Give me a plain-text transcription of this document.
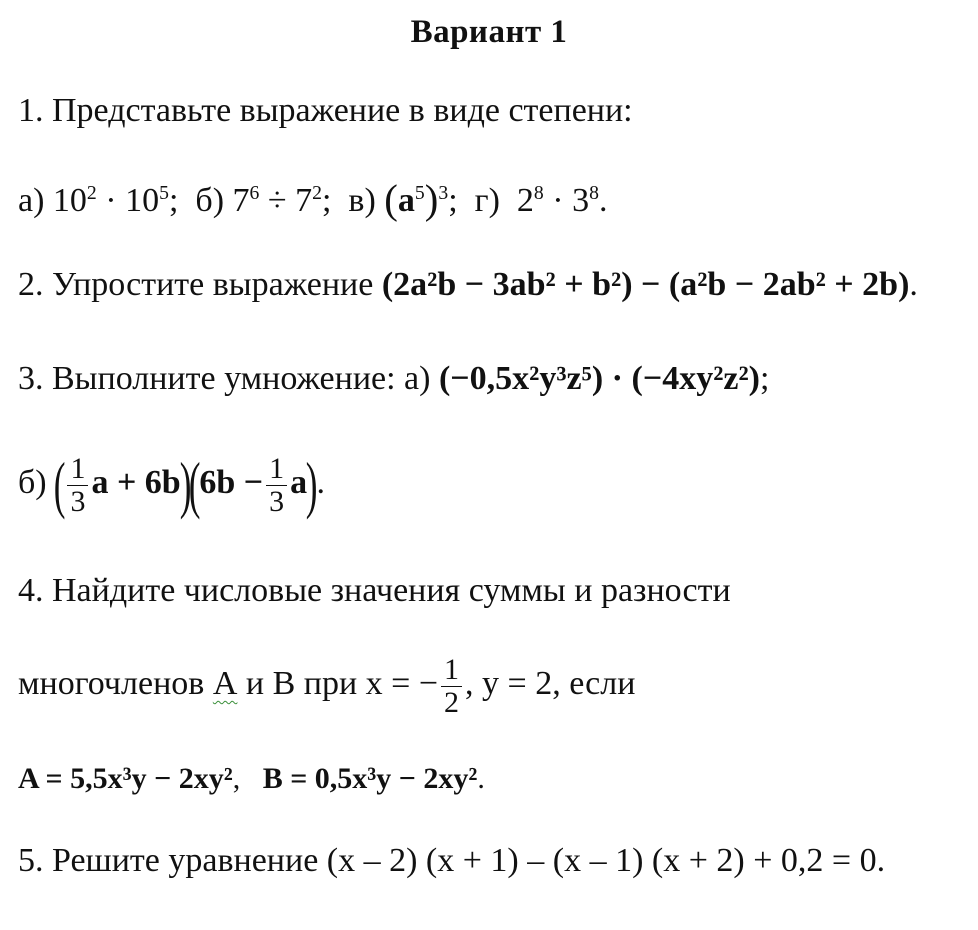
Вариант 1
1. Представьте выражение в виде степени:
а) $10^2 \cdot 10^5$; б) $7^6 \div 7^2$; в) $(a^5)^3$; г) $2^8 \cdot 3^8$.
2. Упростите выражение (2a²b − 3ab² + b²) − (a²b − 2ab² + 2b).
3. Выполните умножение: а) (−0,5x²y³z⁵) · (−4xy²z²);
б) ( $\frac{1}{3}$ $a + 6b)(6b - \frac{1}{3} a)$.
4. Найдите числовые значения суммы и разности
многочленов А и В при x = − $\frac{1}{2}$ , y = 2, если
A = 5,5x³y − 2xy², B = 0,5x³y − 2xy².
5. Решите уравнение (x – 2) (x + 1) – (x – 1) (x + 2) + 0,2 = 0.
